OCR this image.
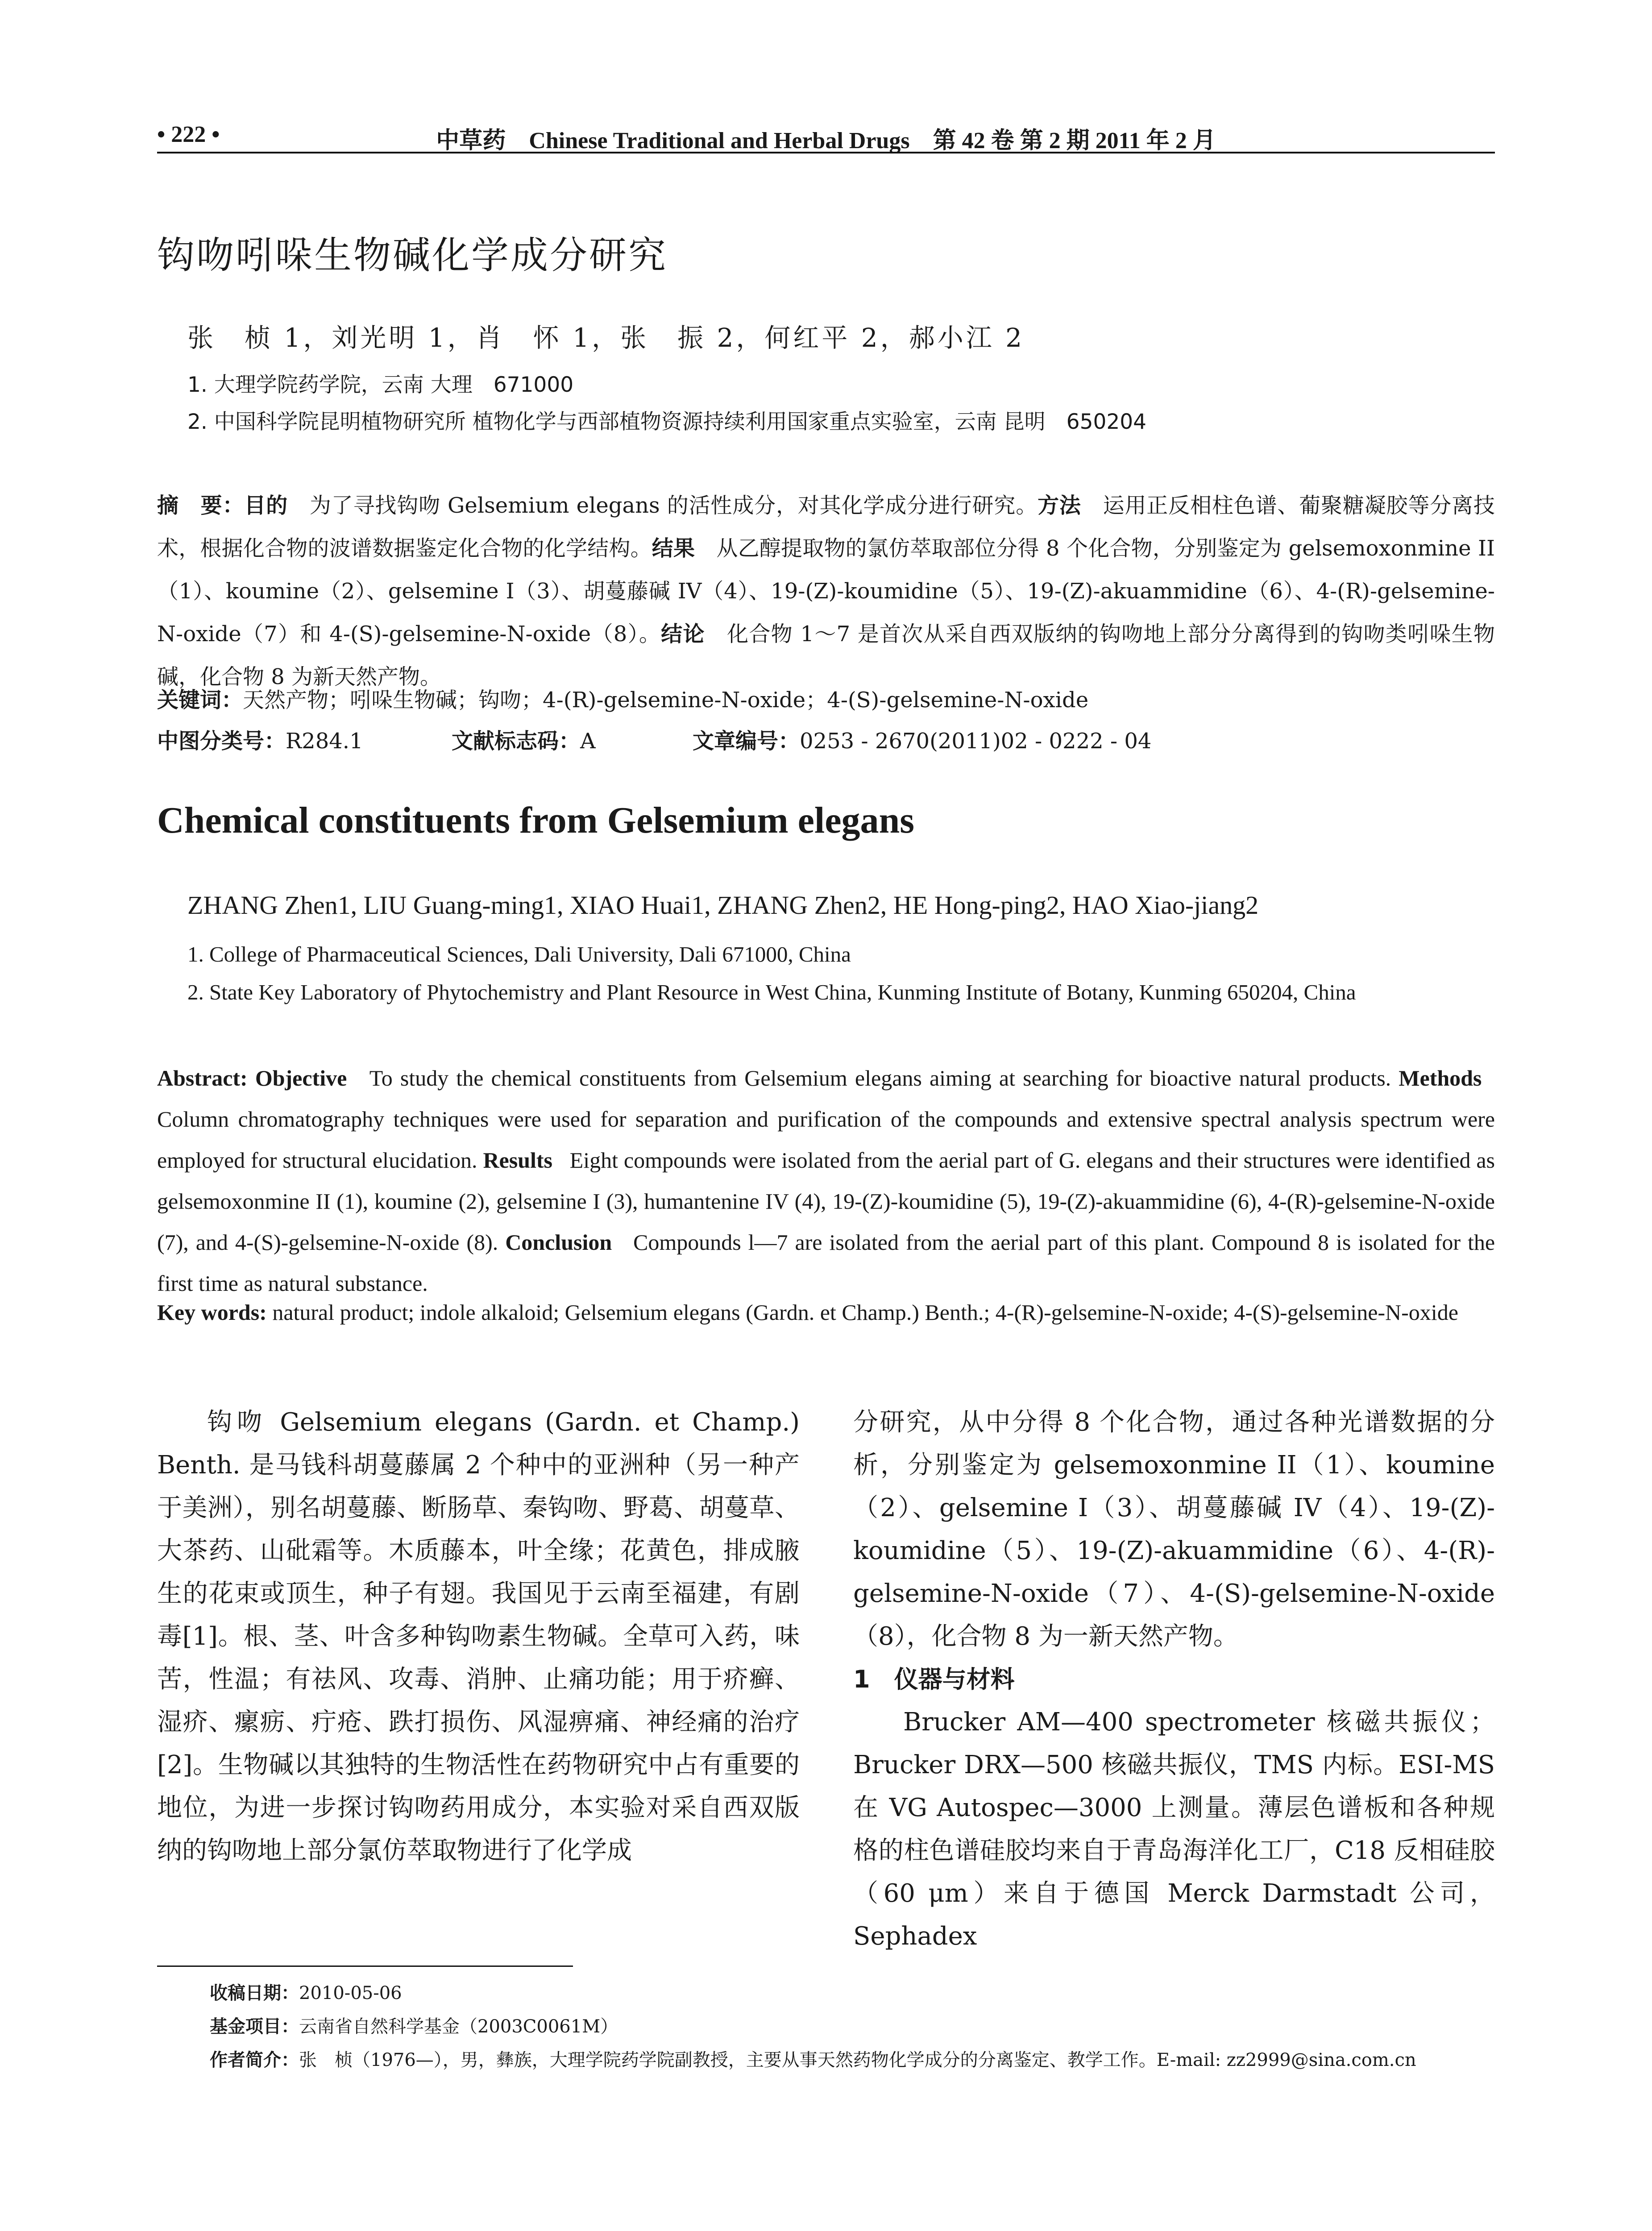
• 222 •	中草药　Chinese Traditional and Herbal Drugs　第 42 卷 第 2 期 2011 年 2 月
钩吻吲哚生物碱化学成分研究
张　桢 1，刘光明 1，肖　怀 1，张　振 2，何红平 2，郝小江 2
1. 大理学院药学院，云南 大理　671000
2. 中国科学院昆明植物研究所 植物化学与西部植物资源持续利用国家重点实验室，云南 昆明　650204
摘　要：目的　 为了寻找钩吻 Gelsemium elegans 的活性成分，对其化学成分进行研究。方法　 运用正反相柱色谱、葡聚糖凝胶等分离技术，根据化合物的波谱数据鉴定化合物的化学结构。结果　 从乙醇提取物的氯仿萃取部位分得 8 个化合物，分别鉴定为 gelsemoxonmine II（1）、koumine（2）、gelsemine I（3）、胡蔓藤碱 IV（4）、19-(Z)-koumidine（5）、19-(Z)-akuammidine（6）、4-(R)-gelsemine-N-oxide（7）和 4-(S)-gelsemine-N-oxide（8）。结论　 化合物 1～7 是首次从采自西双版纳的钩吻地上部分分离得到的钩吻类吲哚生物碱，化合物 8 为新天然产物。
关键词：天然产物；吲哚生物碱；钩吻；4-(R)-gelsemine-N-oxide；4-(S)-gelsemine-N-oxide
中图分类号：R284.1	文献标志码：A	文章编号：0253 - 2670(2011)02 - 0222 - 04
Chemical constituents from Gelsemium elegans
ZHANG Zhen1, LIU Guang-ming1, XIAO Huai1, ZHANG Zhen2, HE Hong-ping2, HAO Xiao-jiang2
1. College of Pharmaceutical Sciences, Dali University, Dali 671000, China
2. State Key Laboratory of Phytochemistry and Plant Resource in West China, Kunming Institute of Botany, Kunming 650204, China
Abstract: Objective To study the chemical constituents from Gelsemium elegans aiming at searching for bioactive natural products. Methods   Column chromatography techniques were used for separation and purification of the compounds and extensive spectral analysis spectrum were employed for structural elucidation. Results Eight compounds were isolated from the aerial part of G. elegans and their structures were identified as gelsemoxonmine II (1), koumine (2), gelsemine I (3), humantenine IV (4), 19-(Z)-koumidine (5), 19-(Z)-akuammidine (6), 4-(R)-gelsemine-N-oxide (7), and 4-(S)-gelsemine-N-oxide (8). Conclusion Compounds l—7 are isolated from the aerial part of this plant. Compound 8 is isolated for the first time as natural substance.
Key words: natural product; indole alkaloid; Gelsemium elegans (Gardn. et Champ.) Benth.; 4-(R)-gelsemine-N-oxide; 4-(S)-gelsemine-N-oxide

钩吻 Gelsemium elegans (Gardn. et Champ.) Benth. 是马钱科胡蔓藤属 2 个种中的亚洲种（另一种产于美洲），别名胡蔓藤、断肠草、秦钩吻、野葛、胡蔓草、大茶药、山砒霜等。木质藤本，叶全缘；花黄色，排成腋生的花束或顶生，种子有翅。我国见于云南至福建，有剧毒[1]。根、茎、叶含多种钩吻素生物碱。全草可入药，味苦，性温；有祛风、攻毒、消肿、止痛功能；用于疥癣、湿疥、瘰疬、疔疮、跌打损伤、风湿痹痛、神经痛的治疗[2]。生物碱以其独特的生物活性在药物研究中占有重要的地位，为进一步探讨钩吻药用成分，本实验对采自西双版纳的钩吻地上部分氯仿萃取物进行了化学成

分研究，从中分得 8 个化合物，通过各种光谱数据的分析，分别鉴定为 gelsemoxonmine II（1）、koumine（2）、gelsemine I（3）、胡蔓藤碱 IV（4）、19-(Z)-koumidine（5）、19-(Z)-akuammidine（6）、4-(R)-gelsemine-N-oxide（7）、4-(S)-gelsemine-N-oxide（8），化合物 8 为一新天然产物。

1　仪器与材料

Brucker AM—400 spectrometer 核磁共振仪；Brucker DRX—500 核磁共振仪，TMS 内标。ESI-MS 在 VG Autospec—3000 上测量。薄层色谱板和各种规格的柱色谱硅胶均来自于青岛海洋化工厂，C18 反相硅胶（60 μm）来自于德国 Merck Darmstadt 公司，Sephadex

收稿日期：2010-05-06
基金项目：云南省自然科学基金（2003C0061M）
作者简介：张　桢（1976—），男，彝族，大理学院药学院副教授，主要从事天然药物化学成分的分离鉴定、教学工作。E-mail: zz2999@sina.com.cn
